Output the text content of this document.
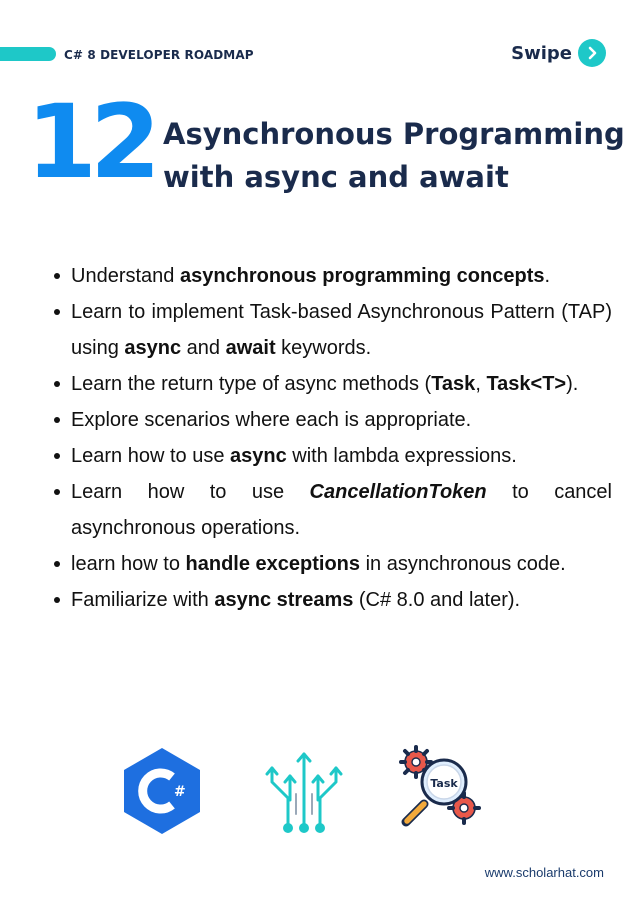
C# 8 DEVELOPER ROADMAP	Swipe
12 Asynchronous Programming
with async and await
Understand asynchronous programming concepts.
Learn to implement Task-based Asynchronous Pattern (TAP) using async and await keywords.
Learn the return type of async methods (Task, Task<T>).
Explore scenarios where each is appropriate.
Learn how to use async with lambda expressions.
Learn how to use CancellationToken to cancel asynchronous operations.
learn how to handle exceptions in asynchronous code.
Familiarize with async streams (C# 8.0 and later).
#
Task
www.scholarhat.com
